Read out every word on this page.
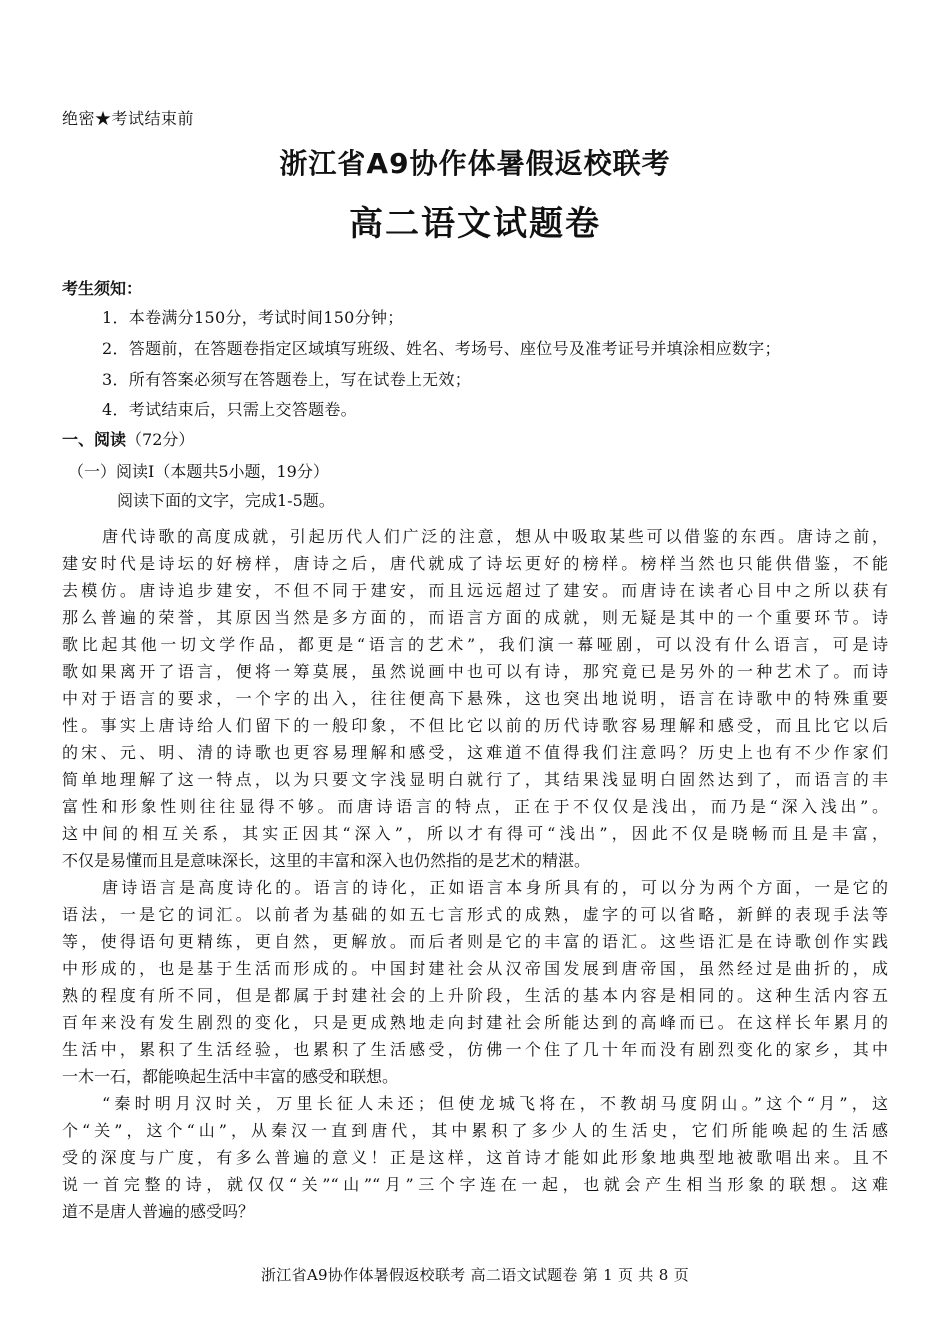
绝密★考试结束前
浙江省A9协作体暑假返校联考
高二语文试题卷
考生须知：
1．本卷满分150分，考试时间150分钟；
2．答题前，在答题卷指定区域填写班级、姓名、考场号、座位号及准考证号并填涂相应数字；
3．所有答案必须写在答题卷上，写在试卷上无效；
4．考试结束后，只需上交答题卷。
一、阅读（72分）
（一）阅读Ⅰ（本题共5小题，19分）
阅读下面的文字，完成1-5题。
唐代诗歌的高度成就，引起历代人们广泛的注意，想从中吸取某些可以借鉴的东西。唐诗之前，
建安时代是诗坛的好榜样，唐诗之后，唐代就成了诗坛更好的榜样。榜样当然也只能供借鉴，不能
去模仿。唐诗追步建安，不但不同于建安，而且远远超过了建安。而唐诗在读者心目中之所以获有
那么普遍的荣誉，其原因当然是多方面的，而语言方面的成就，则无疑是其中的一个重要环节。诗
歌比起其他一切文学作品，都更是“语言的艺术”，我们演一幕哑剧，可以没有什么语言，可是诗
歌如果离开了语言，便将一筹莫展，虽然说画中也可以有诗，那究竟已是另外的一种艺术了。而诗
中对于语言的要求，一个字的出入，往往便高下悬殊，这也突出地说明，语言在诗歌中的特殊重要
性。事实上唐诗给人们留下的一般印象，不但比它以前的历代诗歌容易理解和感受，而且比它以后
的宋、元、明、清的诗歌也更容易理解和感受，这难道不值得我们注意吗？历史上也有不少作家们
简单地理解了这一特点，以为只要文字浅显明白就行了，其结果浅显明白固然达到了，而语言的丰
富性和形象性则往往显得不够。而唐诗语言的特点，正在于不仅仅是浅出，而乃是“深入浅出”。
这中间的相互关系，其实正因其“深入”，所以才有得可“浅出”，因此不仅是晓畅而且是丰富，
不仅是易懂而且是意味深长，这里的丰富和深入也仍然指的是艺术的精湛。
唐诗语言是高度诗化的。语言的诗化，正如语言本身所具有的，可以分为两个方面，一是它的
语法，一是它的词汇。以前者为基础的如五七言形式的成熟，虚字的可以省略，新鲜的表现手法等
等，使得语句更精练，更自然，更解放。而后者则是它的丰富的语汇。这些语汇是在诗歌创作实践
中形成的，也是基于生活而形成的。中国封建社会从汉帝国发展到唐帝国，虽然经过是曲折的，成
熟的程度有所不同，但是都属于封建社会的上升阶段，生活的基本内容是相同的。这种生活内容五
百年来没有发生剧烈的变化，只是更成熟地走向封建社会所能达到的高峰而已。在这样长年累月的
生活中，累积了生活经验，也累积了生活感受，仿佛一个住了几十年而没有剧烈变化的家乡，其中
一木一石，都能唤起生活中丰富的感受和联想。
“秦时明月汉时关，万里长征人未还；但使龙城飞将在，不教胡马度阴山。”这个“月”，这
个“关”，这个“山”，从秦汉一直到唐代，其中累积了多少人的生活史，它们所能唤起的生活感
受的深度与广度，有多么普遍的意义！正是这样，这首诗才能如此形象地典型地被歌唱出来。且不
说一首完整的诗，就仅仅“关”“山”“月”三个字连在一起，也就会产生相当形象的联想。这难
道不是唐人普遍的感受吗？
浙江省A9协作体暑假返校联考 高二语文试题卷 第 1 页 共 8 页
